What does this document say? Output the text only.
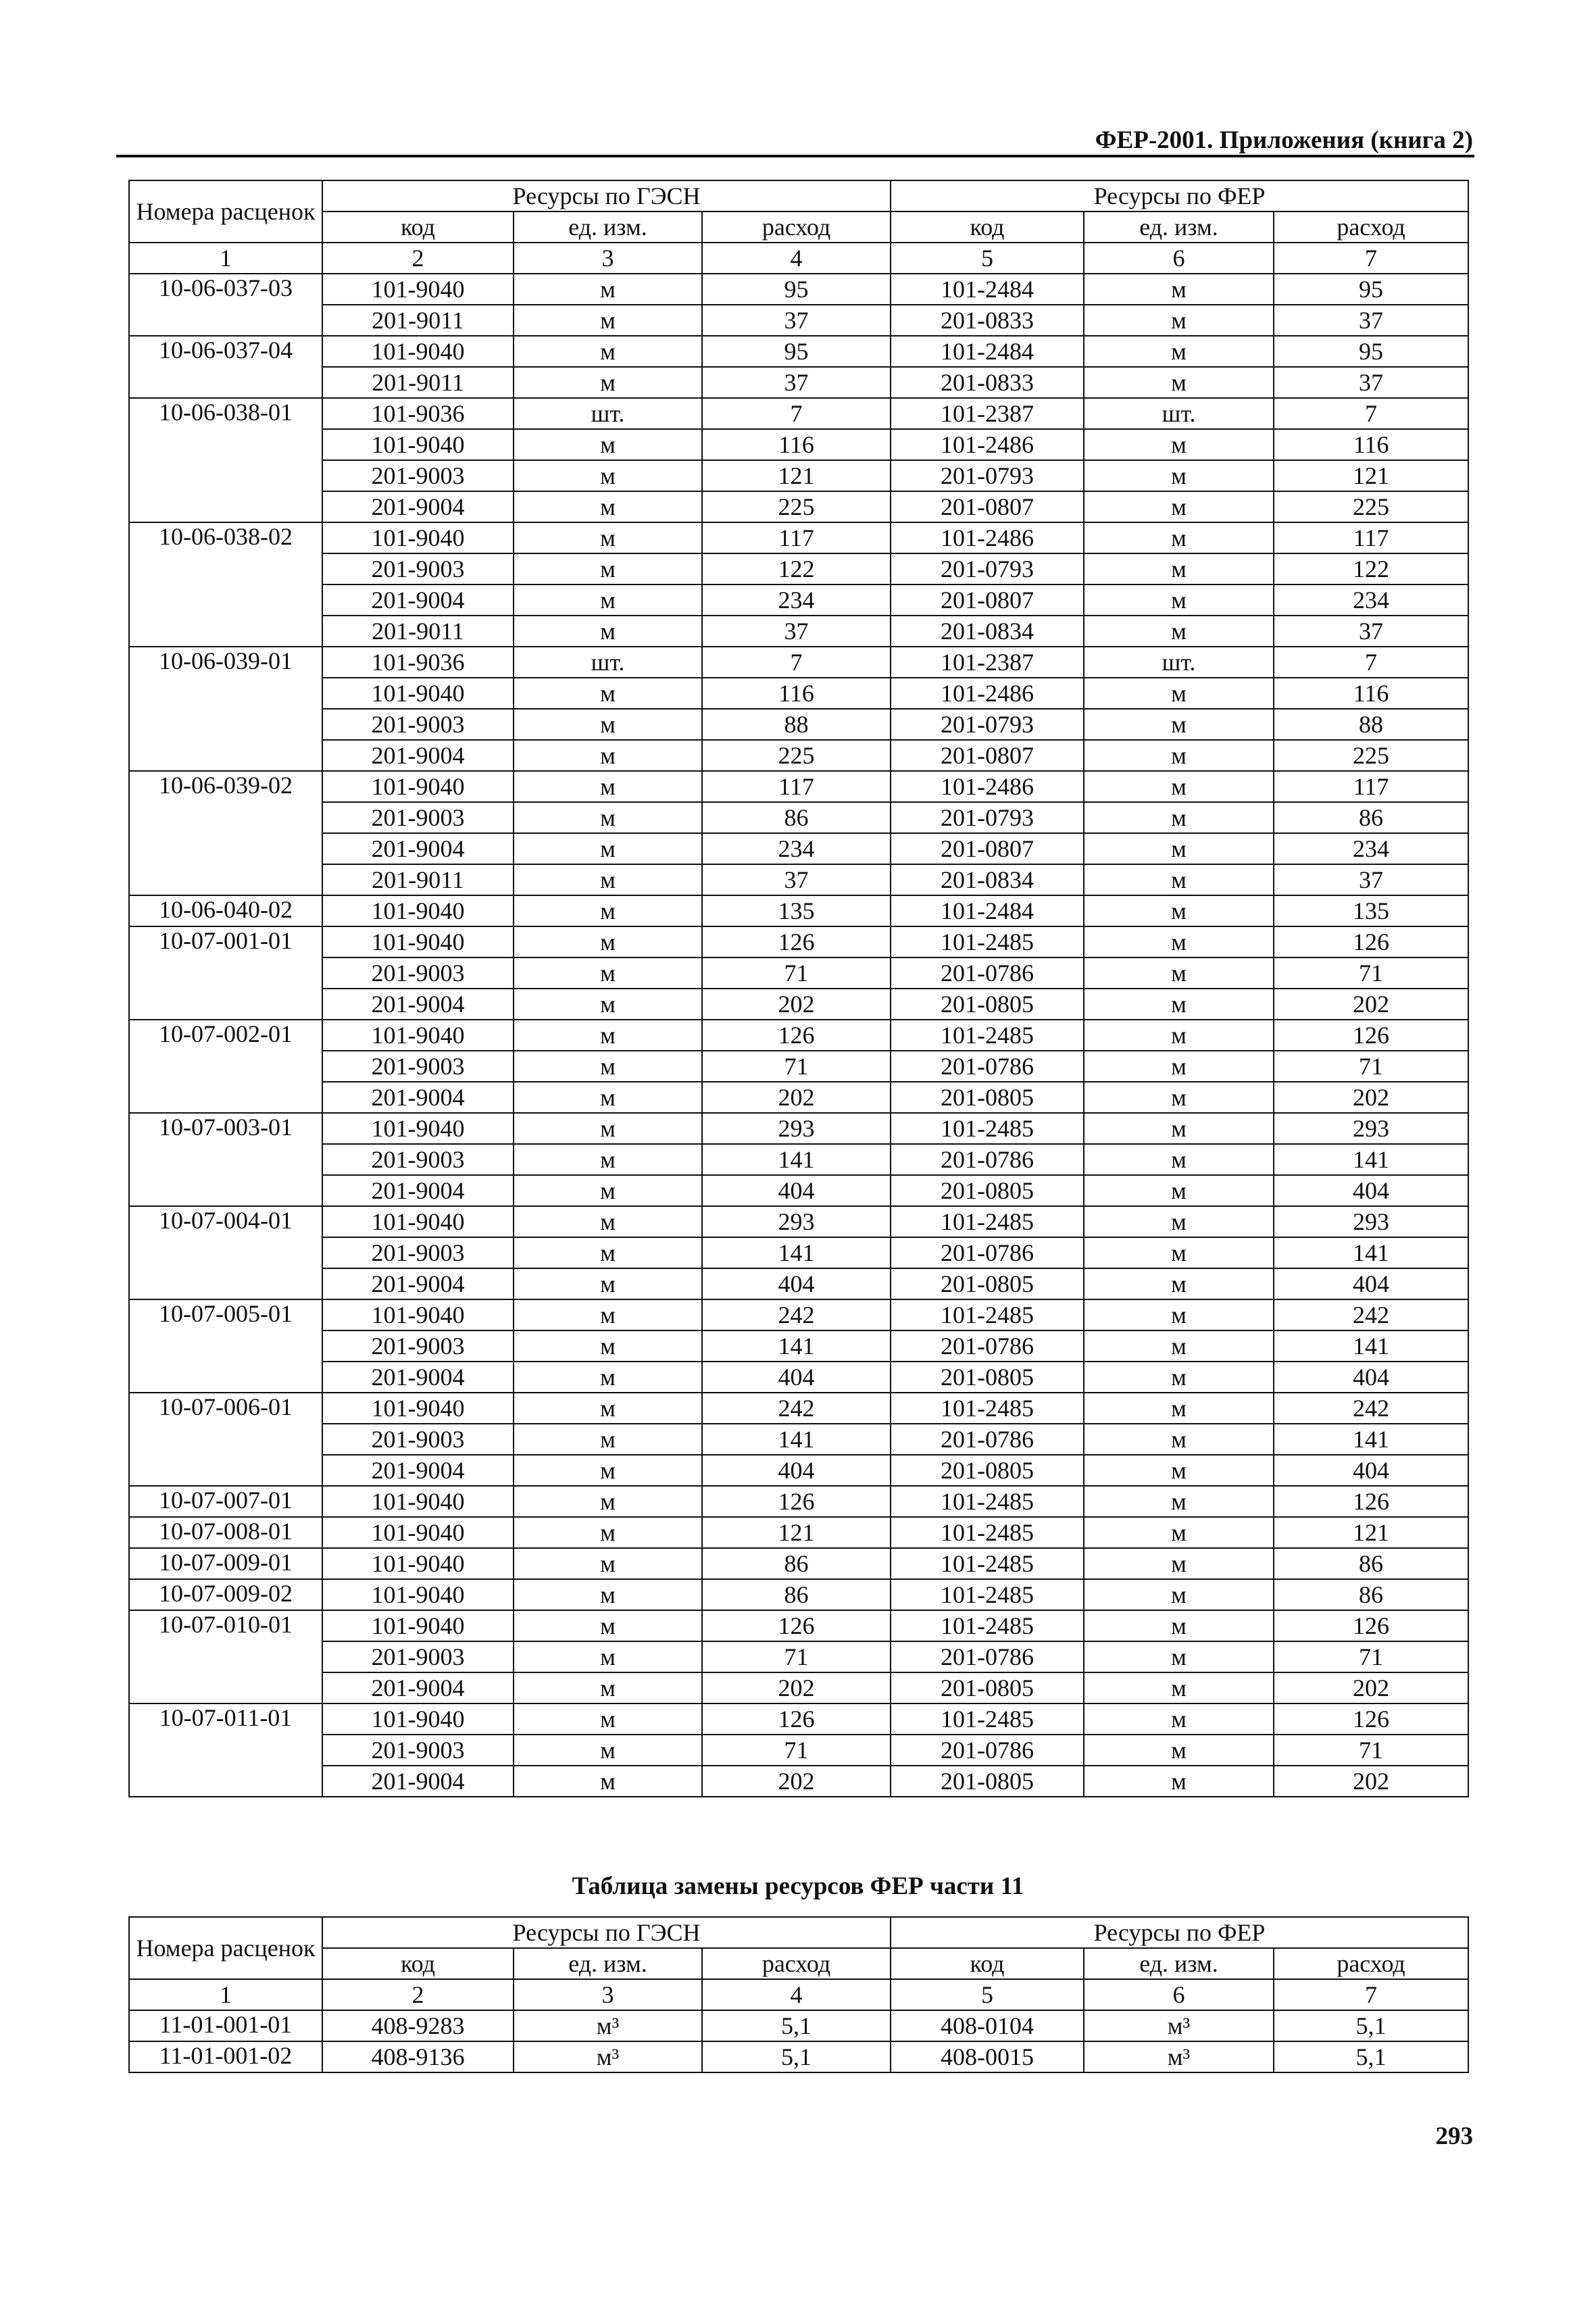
ФЕР-2001. Приложения (книга 2)
Номера расценок	Ресурсы по ГЭСН			Ресурсы по ФЕР		
	код	ед. изм.	расход	код	ед. изм.	расход
1	2	3	4	5	6	7
10-06-037-03	101-9040	м	95	101-2484	м	95
	201-9011	м	37	201-0833	м	37
10-06-037-04	101-9040	м	95	101-2484	м	95
	201-9011	м	37	201-0833	м	37
10-06-038-01	101-9036	шт.	7	101-2387	шт.	7
	101-9040	м	116	101-2486	м	116
	201-9003	м	121	201-0793	м	121
	201-9004	м	225	201-0807	м	225
10-06-038-02	101-9040	м	117	101-2486	м	117
	201-9003	м	122	201-0793	м	122
	201-9004	м	234	201-0807	м	234
	201-9011	м	37	201-0834	м	37
10-06-039-01	101-9036	шт.	7	101-2387	шт.	7
	101-9040	м	116	101-2486	м	116
	201-9003	м	88	201-0793	м	88
	201-9004	м	225	201-0807	м	225
10-06-039-02	101-9040	м	117	101-2486	м	117
	201-9003	м	86	201-0793	м	86
	201-9004	м	234	201-0807	м	234
	201-9011	м	37	201-0834	м	37
10-06-040-02	101-9040	м	135	101-2484	м	135
10-07-001-01	101-9040	м	126	101-2485	м	126
	201-9003	м	71	201-0786	м	71
	201-9004	м	202	201-0805	м	202
10-07-002-01	101-9040	м	126	101-2485	м	126
	201-9003	м	71	201-0786	м	71
	201-9004	м	202	201-0805	м	202
10-07-003-01	101-9040	м	293	101-2485	м	293
	201-9003	м	141	201-0786	м	141
	201-9004	м	404	201-0805	м	404
10-07-004-01	101-9040	м	293	101-2485	м	293
	201-9003	м	141	201-0786	м	141
	201-9004	м	404	201-0805	м	404
10-07-005-01	101-9040	м	242	101-2485	м	242
	201-9003	м	141	201-0786	м	141
	201-9004	м	404	201-0805	м	404
10-07-006-01	101-9040	м	242	101-2485	м	242
	201-9003	м	141	201-0786	м	141
	201-9004	м	404	201-0805	м	404
10-07-007-01	101-9040	м	126	101-2485	м	126
10-07-008-01	101-9040	м	121	101-2485	м	121
10-07-009-01	101-9040	м	86	101-2485	м	86
10-07-009-02	101-9040	м	86	101-2485	м	86
10-07-010-01	101-9040	м	126	101-2485	м	126
	201-9003	м	71	201-0786	м	71
	201-9004	м	202	201-0805	м	202
10-07-011-01	101-9040	м	126	101-2485	м	126
	201-9003	м	71	201-0786	м	71
	201-9004	м	202	201-0805	м	202
Таблица замены ресурсов ФЕР части 11
Номера расценок	Ресурсы по ГЭСН			Ресурсы по ФЕР		
	код	ед. изм.	расход	код	ед. изм.	расход
1	2	3	4	5	6	7
11-01-001-01	408-9283	м³	5,1	408-0104	м³	5,1
11-01-001-02	408-9136	м³	5,1	408-0015	м³	5,1
293
